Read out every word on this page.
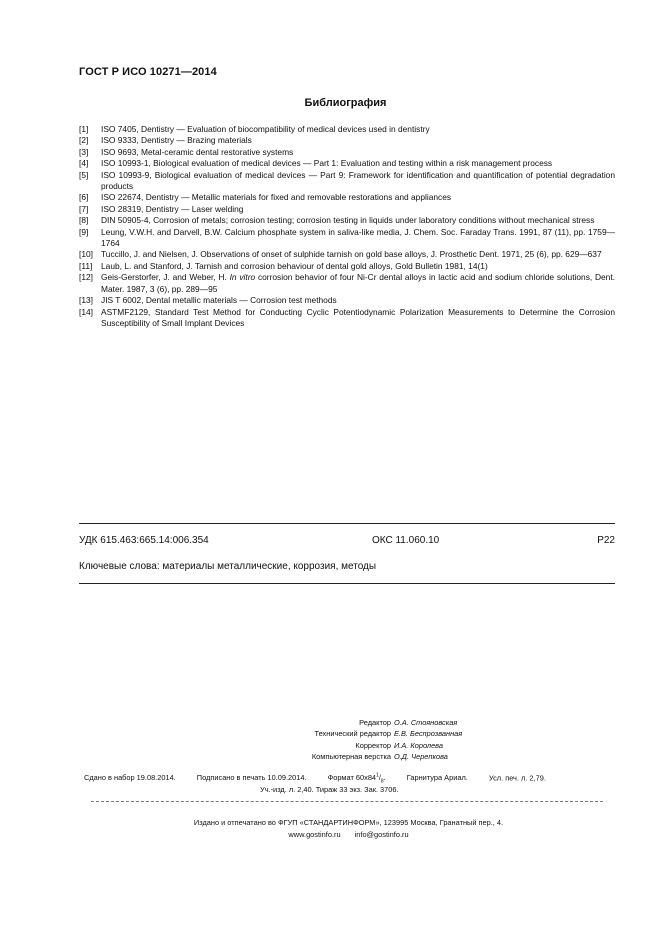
ГОСТ Р ИСО 10271—2014
Библиография
[1]	ISO 7405, Dentistry — Evaluation of biocompatibility of medical devices used in dentistry
[2]	ISO 9333, Dentistry — Brazing materials
[3]	ISO 9693, Metal-ceramic dental restorative systems
[4]	ISO 10993-1, Biological evaluation of medical devices — Part 1: Evaluation and testing within a risk management process
[5]	ISO 10993-9, Biological evaluation of medical devices — Part 9: Framework for identification and quantification of potential degradation products
[6]	ISO 22674, Dentistry — Metallic materials for fixed and removable restorations and appliances
[7]	ISO 28319, Dentistry — Laser welding
[8]	DIN 50905-4, Corrosion of metals; corrosion testing; corrosion testing in liquids under laboratory conditions without mechanical stress
[9]	Leung, V.W.H. and Darvell, B.W. Calcium phosphate system in saliva-like media, J. Chem. Soc. Faraday Trans. 1991, 87 (11), pp. 1759—1764
[10] Tuccillo, J. and Nielsen, J. Observations of onset of sulphide tarnish on gold base alloys, J. Prosthetic Dent. 1971, 25 (6), pp. 629—637
[11]	Laub, L. and Stanford, J. Tarnish and corrosion behaviour of dental gold alloys, Gold Bulletin 1981, 14(1)
[12] Geis-Gerstorfer, J. and Weber, H. In vitro corrosion behavior of four Ni-Cr dental alloys in lactic acid and sodium chloride solutions, Dent. Mater. 1987, 3 (6), pp. 289—95
[13] JIS T 6002, Dental metallic materials — Corrosion test methods
[14] ASTMF2129, Standard Test Method for Conducting Cyclic Potentiodynamic Polarization Measurements to Determine the Corrosion Susceptibility of Small Implant Devices
УДК 615.463:665.14:006.354	ОКС 11.060.10	Р22
Ключевые слова: материалы металлические, коррозия, методы
Редактор О.А. Стояновская
Технический редактор Е.В. Беспрозванная
Корректор И.А. Королева
Компьютерная верстка О.Д. Черепкова
Сдано в набор 19.08.2014.	Подписано в печать 10.09.2014.	Формат $60x84^1/_8$.	Гарнитура Ариал.	Усл. печ. л. 2,79.
Уч.-изд. л. 2,40. Тираж 33 экз. Зак. 3706.
Издано и отпечатано во ФГУП «СТАНДАРТИНФОРМ», 123995 Москва, Гранатный пер., 4.
www.gostinfo.ru info@gostinfo.ru
